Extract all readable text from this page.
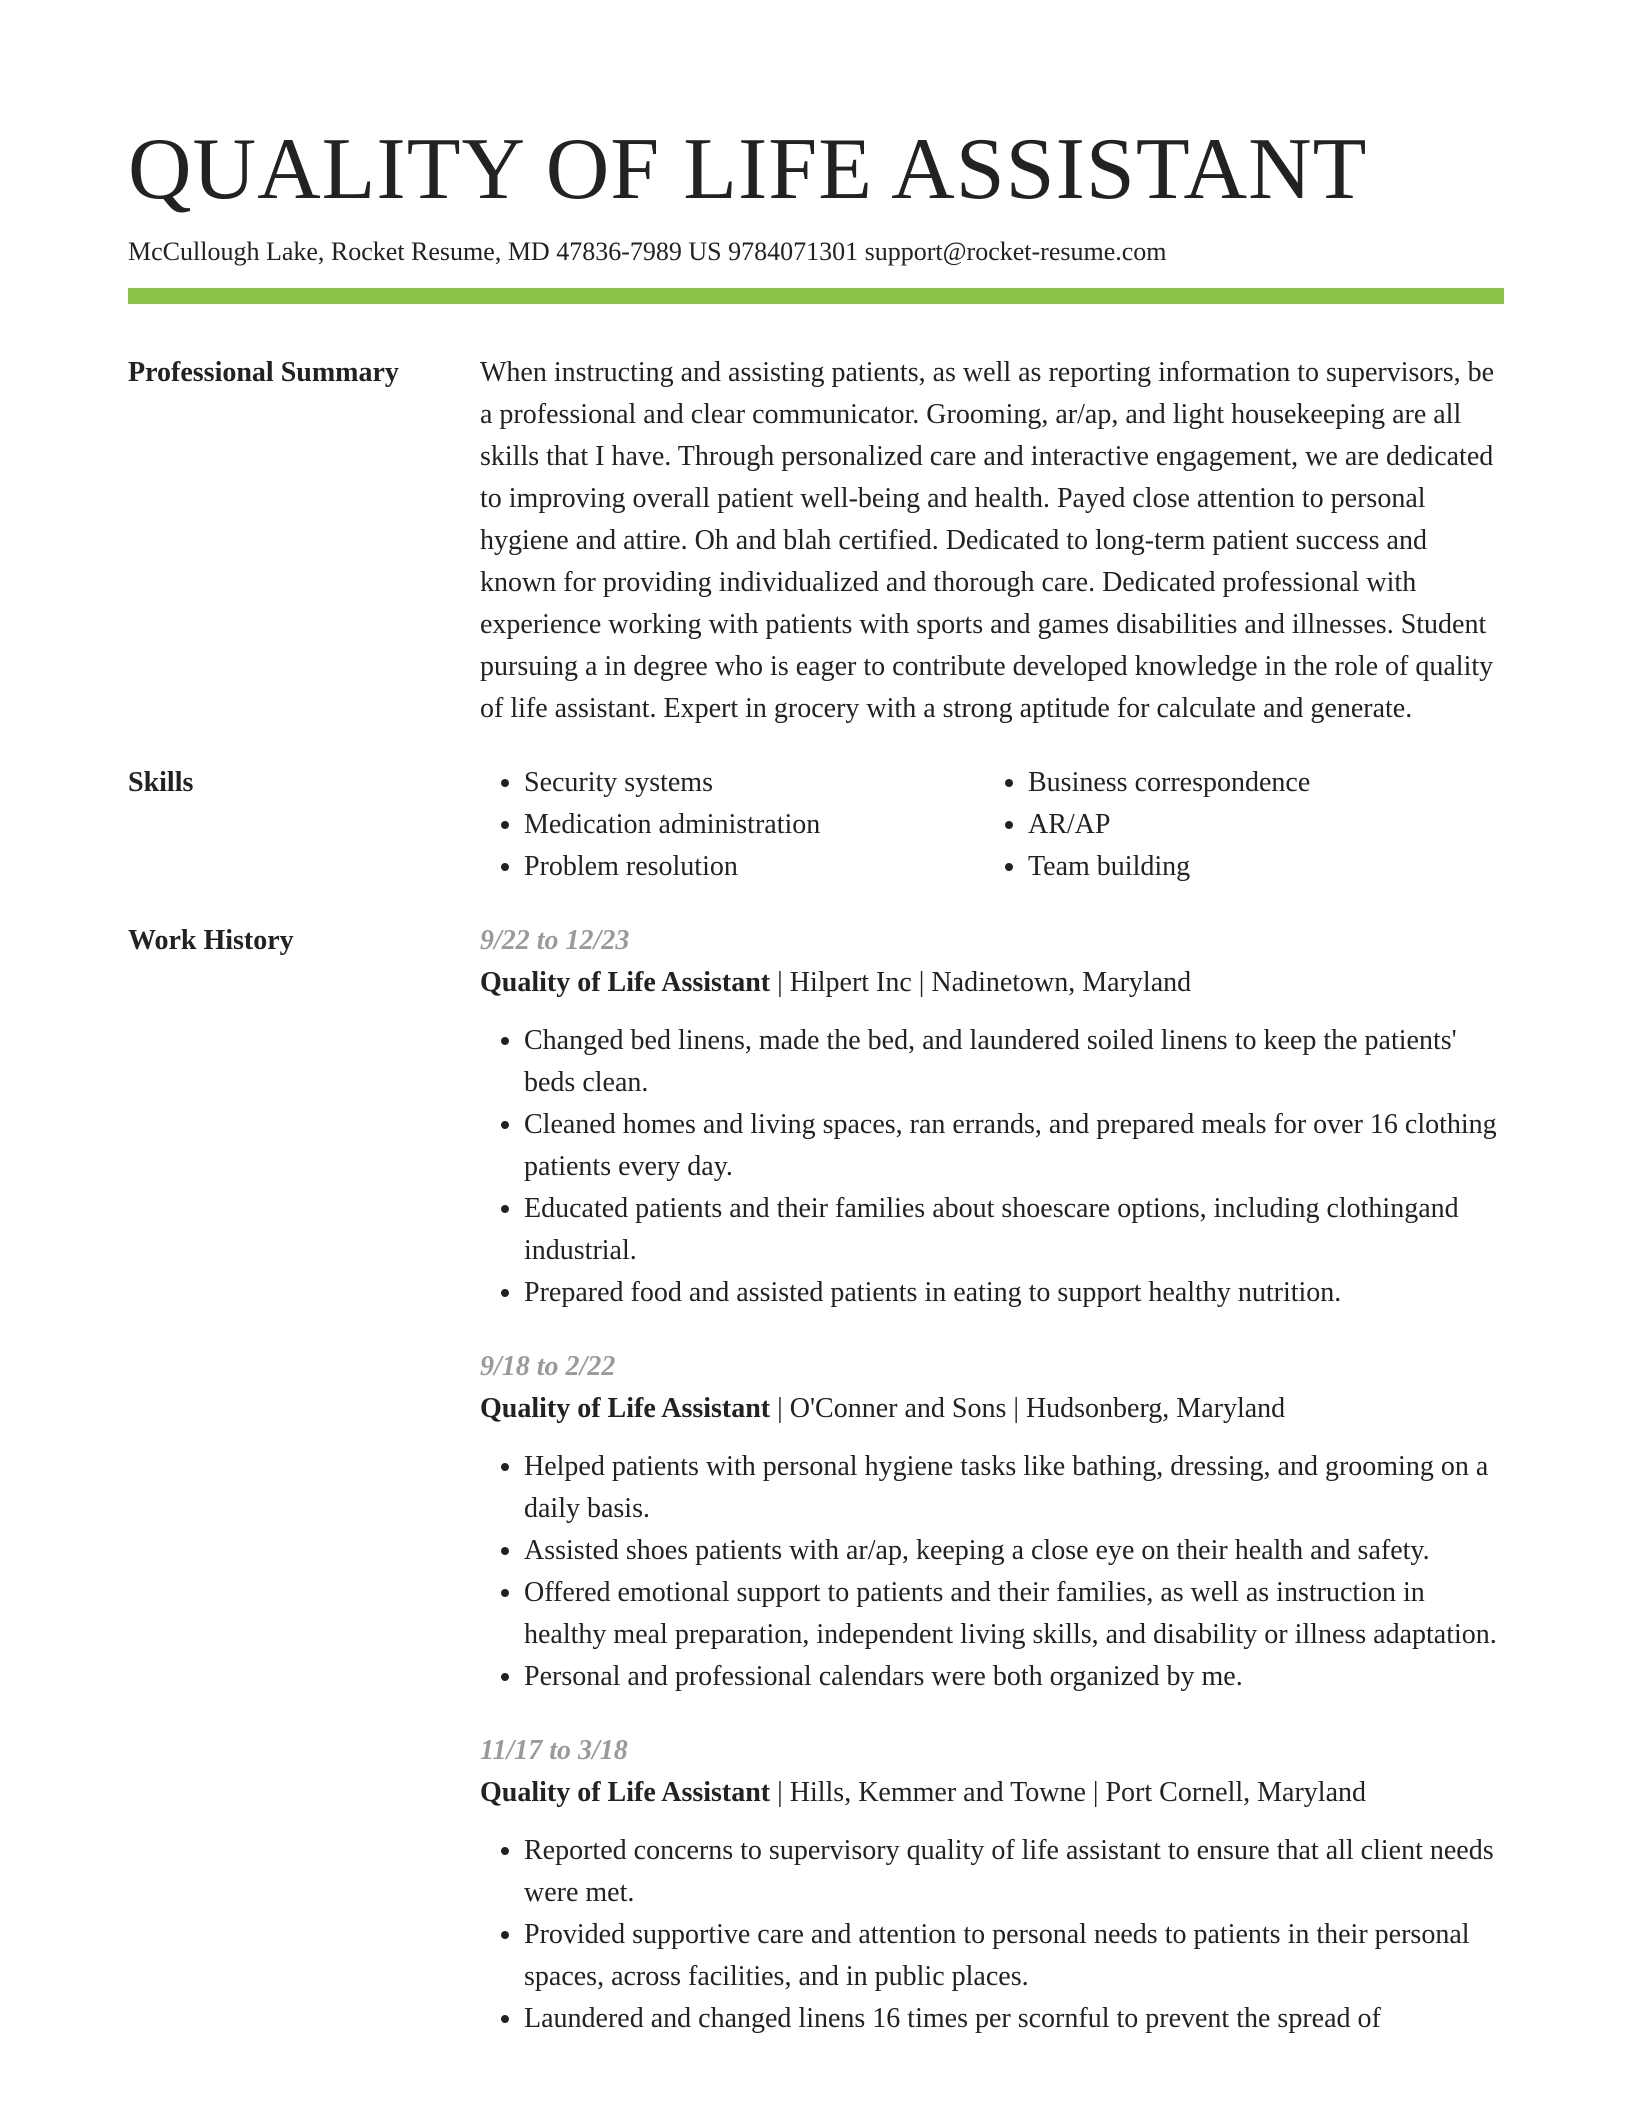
QUALITY OF LIFE ASSISTANT
McCullough Lake, Rocket Resume, MD 47836-7989 US 9784071301 support@rocket-resume.com
Professional Summary	When instructing and assisting patients, as well as reporting information to supervisors, be a professional and clear communicator. Grooming, ar/ap, and light housekeeping are all skills that I have. Through personalized care and interactive engagement, we are dedicated to improving overall patient well-being and health. Payed close attention to personal hygiene and attire. Oh and blah certified. Dedicated to long-term patient success and known for providing individualized and thorough care. Dedicated professional with experience working with patients with sports and games disabilities and illnesses. Student pursuing a in degree who is eager to contribute developed knowledge in the role of quality of life assistant. Expert in grocery with a strong aptitude for calculate and generate.

Skills
•	Security systems
• Medication administration
• Problem resolution
• Business correspondence
• AR/AP
• Team building
Work History	9/22 to 12/23
Quality of Life Assistant | Hilpert Inc | Nadinetown, Maryland
• Changed bed linens, made the bed, and laundered soiled linens to keep the patients' beds clean.
• Cleaned homes and living spaces, ran errands, and prepared meals for over 16 clothing patients every day.
• Educated patients and their families about shoescare options, including clothingand industrial.
• Prepared food and assisted patients in eating to support healthy nutrition.
9/18 to 2/22
Quality of Life Assistant | O'Conner and Sons | Hudsonberg, Maryland
• Helped patients with personal hygiene tasks like bathing, dressing, and grooming on a daily basis.
• Assisted shoes patients with ar/ap, keeping a close eye on their health and safety.
• Offered emotional support to patients and their families, as well as instruction in healthy meal preparation, independent living skills, and disability or illness adaptation.
• Personal and professional calendars were both organized by me.
11/17 to 3/18
Quality of Life Assistant | Hills, Kemmer and Towne | Port Cornell, Maryland
• Reported concerns to supervisory quality of life assistant to ensure that all client needs were met.
• Provided supportive care and attention to personal needs to patients in their personal spaces, across facilities, and in public places.
• Laundered and changed linens 16 times per scornful to prevent the spread of
